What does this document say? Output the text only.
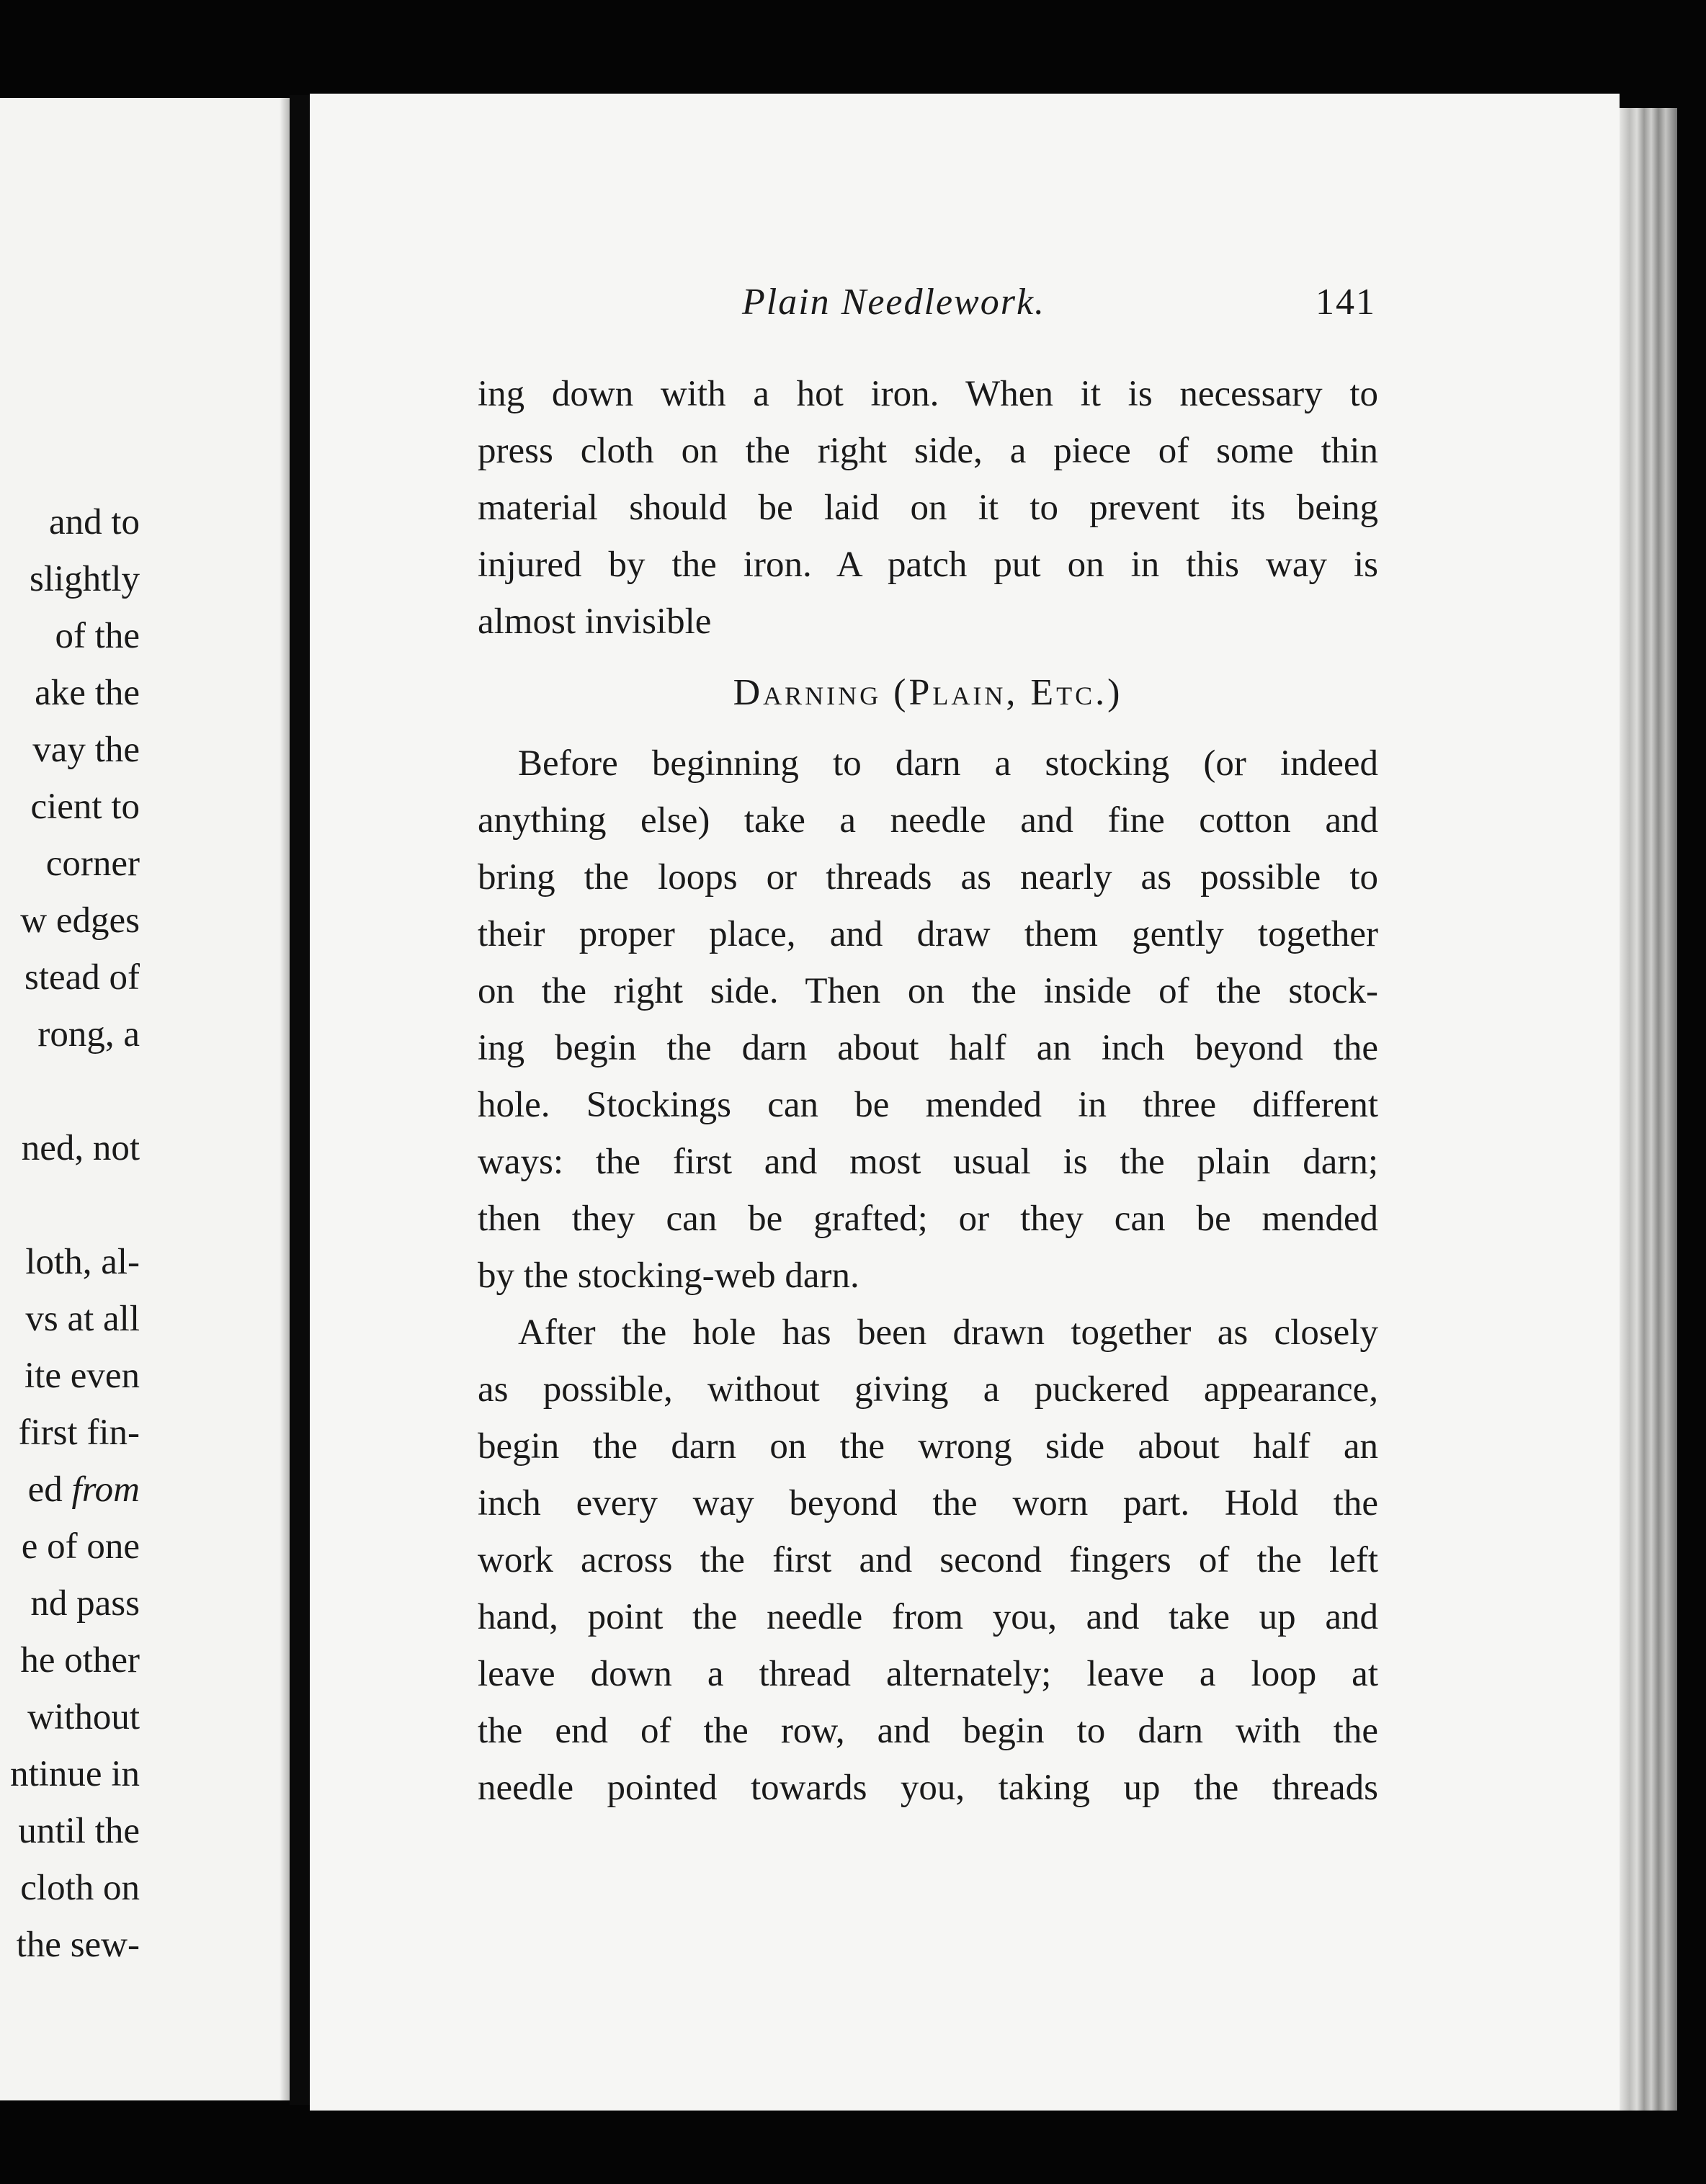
and to
slightly
of the
ake the
vay the
cient to
corner
w edges
stead of
rong, a
ned, not
loth, al-
vs at all
ite even
first fin-
ed from
e of one
nd pass
he other
without
ntinue in
until the
cloth on
the sew-
Plain Needlework.	141
ing down with a hot iron. When it is necessary to
press cloth on the right side, a piece of some thin
material should be laid on it to prevent its being
injured by the iron. A patch put on in this way is
almost invisible
Darning (Plain, Etc.)
Before beginning to darn a stocking (or indeed
anything else) take a needle and fine cotton and
bring the loops or threads as nearly as possible to
their proper place, and draw them gently together
on the right side. Then on the inside of the stock-
ing begin the darn about half an inch beyond the
hole. Stockings can be mended in three different
ways: the first and most usual is the plain darn;
then they can be grafted; or they can be mended
by the stocking-web darn.
After the hole has been drawn together as closely
as possible, without giving a puckered appearance,
begin the darn on the wrong side about half an
inch every way beyond the worn part. Hold the
work across the first and second fingers of the left
hand, point the needle from you, and take up and
leave down a thread alternately; leave a loop at
the end of the row, and begin to darn with the
needle pointed towards you, taking up the threads
